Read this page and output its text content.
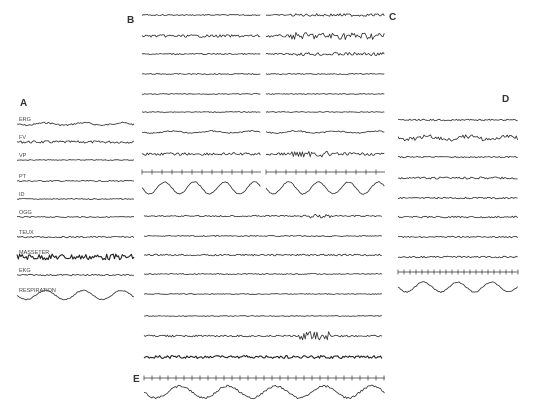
A
B	C
D
E
ERG
FV
VP
PT
ID
OGG
TEUX
MASSETER
EKG
RESPIRATION
